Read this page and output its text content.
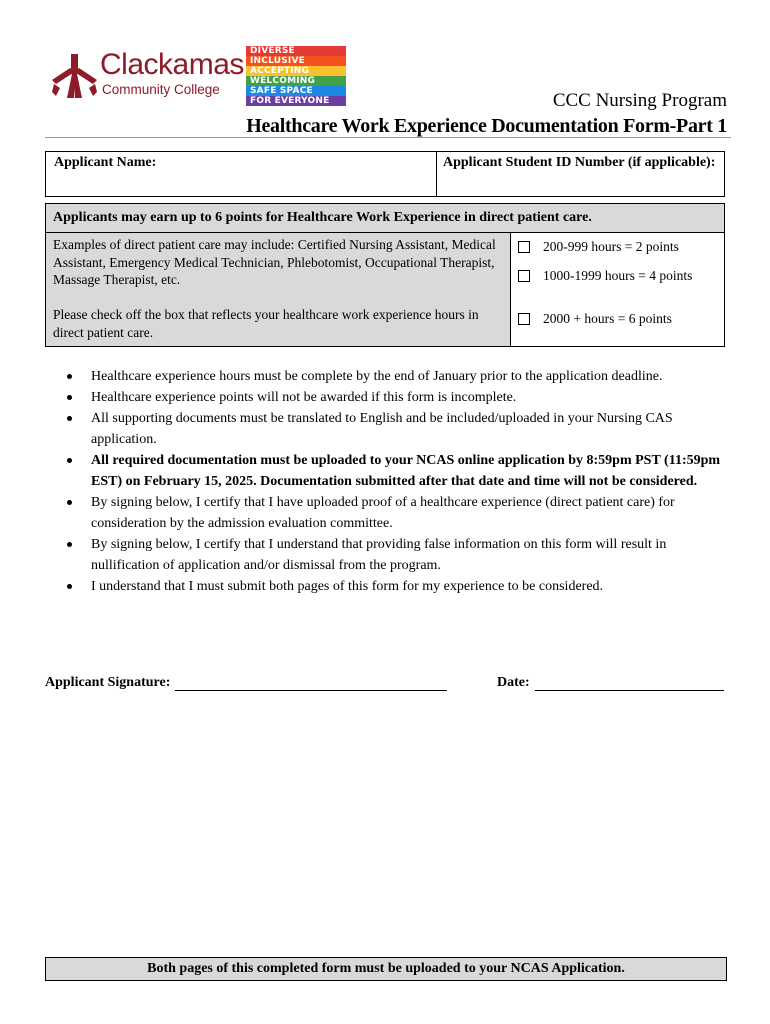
Clackamas
Community College
DIVERSE
INCLUSIVE
ACCEPTING
WELCOMING
SAFE SPACE
FOR EVERYONE	CCC Nursing Program
Healthcare Work Experience Documentation Form-Part 1
Applicant Name:	Applicant Student ID Number (if applicable):
Applicants may earn up to 6 points for Healthcare Work Experience in direct patient care.
Examples of direct patient care may include: Certified Nursing Assistant, Medical Assistant, Emergency Medical Technician, Phlebotomist, Occupational Therapist, Massage Therapist, etc.
Please check off the box that reflects your healthcare work experience hours in direct patient care.
200-999 hours = 2 points
1000-1999 hours = 4 points
2000 + hours = 6 points
Healthcare experience hours must be complete by the end of January prior to the application deadline.
Healthcare experience points will not be awarded if this form is incomplete.
All supporting documents must be translated to English and be included/uploaded in your Nursing CAS application.
All required documentation must be uploaded to your NCAS online application by 8:59pm PST (11:59pm EST) on February 15, 2025. Documentation submitted after that date and time will not be considered.
By signing below, I certify that I have uploaded proof of a healthcare experience (direct patient care) for consideration by the admission evaluation committee.
By signing below, I certify that I understand that providing false information on this form will result in nullification of application and/or dismissal from the program.
I understand that I must submit both pages of this form for my experience to be considered.
Applicant Signature:	Date:
Both pages of this completed form must be uploaded to your NCAS Application.
